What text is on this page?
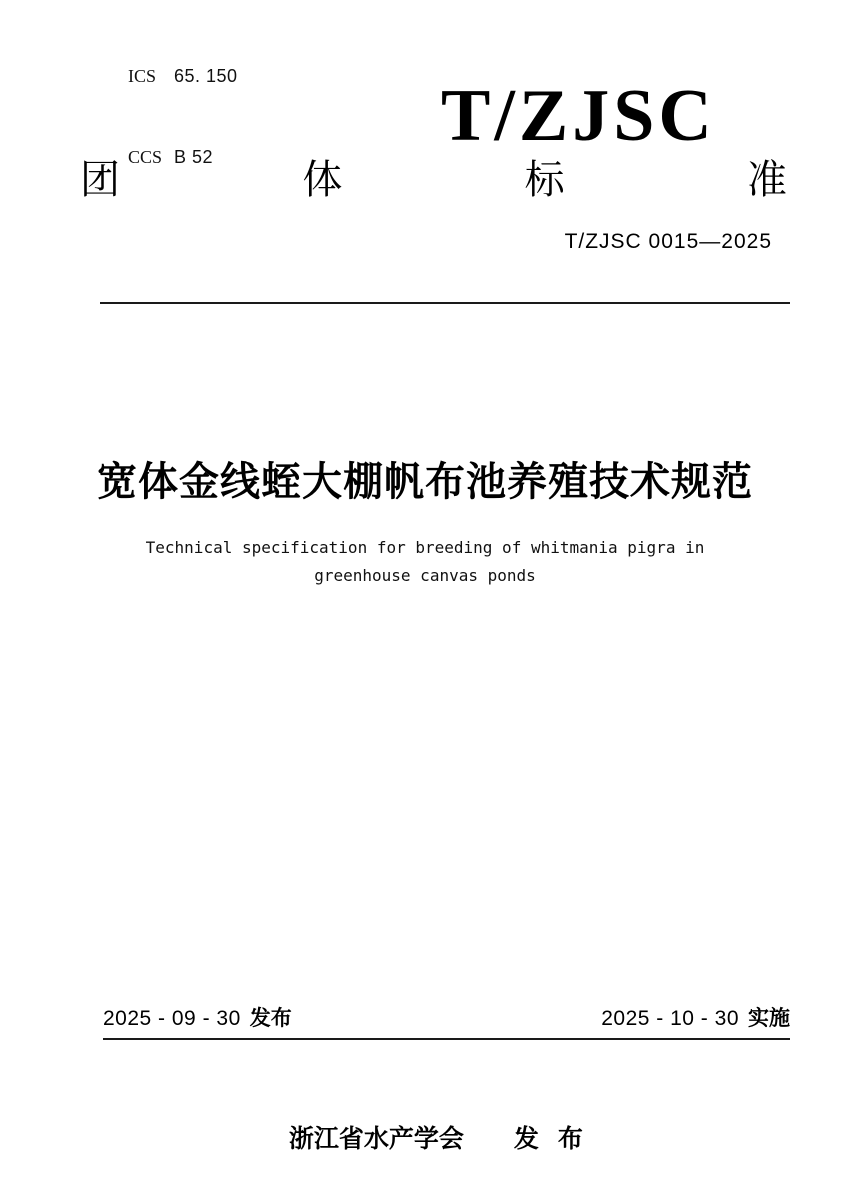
ICS 65. 150

CCS B 52
	T/ZJSC
团	体	标	准
T/ZJSC 0015—2025
宽体金线蛭大棚帆布池养殖技术规范
Technical specification for breeding of whitmania pigra in
greenhouse canvas ponds
2025 - 09 - 30 发布	2025 - 10 - 30 实施

浙江省水产学会 发 布
